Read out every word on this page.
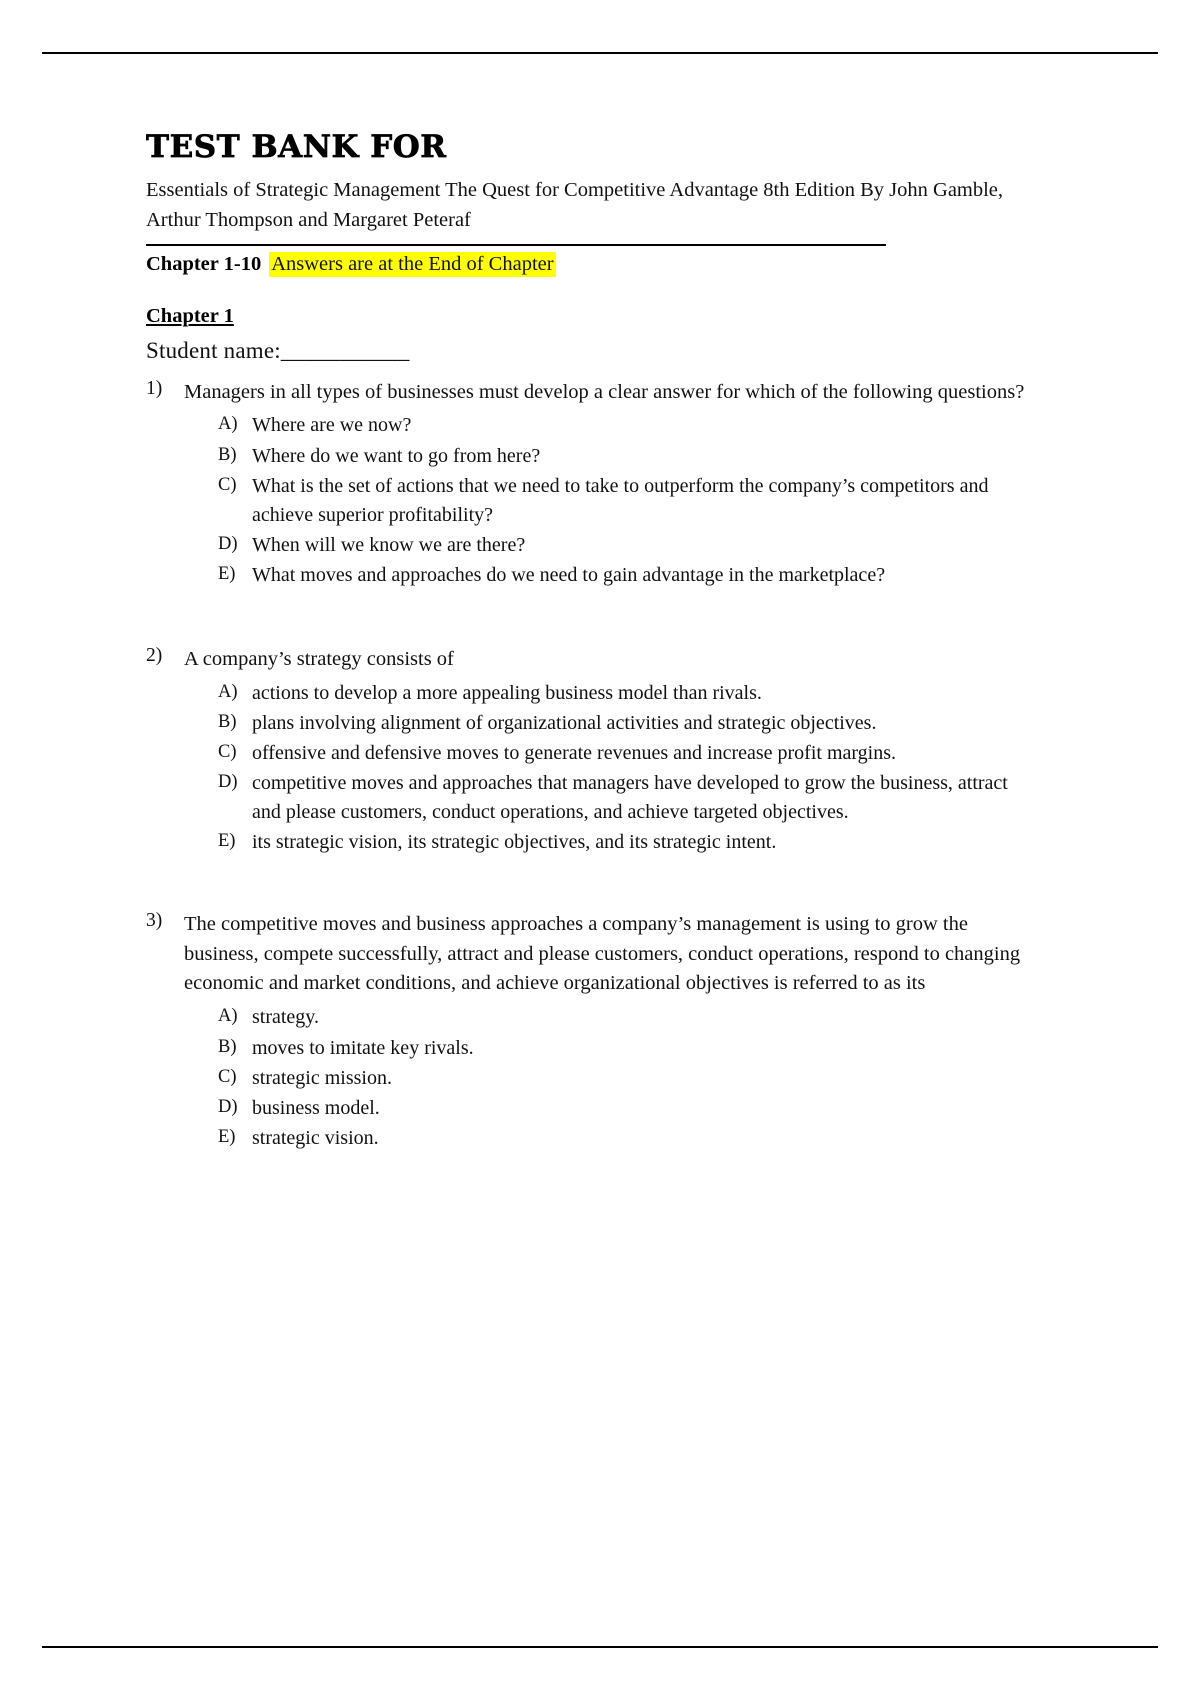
TEST BANK FOR

Essentials of Strategic Management The Quest for Competitive Advantage 8th Edition By John Gamble, Arthur Thompson and Margaret Peteraf

Chapter 1-10 Answers are at the End of Chapter
Chapter 1
Student name:___________
1) Managers in all types of businesses must develop a clear answer for which of the following questions?
A) Where are we now?
B) Where do we want to go from here?
C) What is the set of actions that we need to take to outperform the company’s competitors and achieve superior profitability?
D) When will we know we are there?
E) What moves and approaches do we need to gain advantage in the marketplace?
2) A company’s strategy consists of
A) actions to develop a more appealing business model than rivals.
B) plans involving alignment of organizational activities and strategic objectives.
C) offensive and defensive moves to generate revenues and increase profit margins.
D) competitive moves and approaches that managers have developed to grow the business, attract and please customers, conduct operations, and achieve targeted objectives.
E) its strategic vision, its strategic objectives, and its strategic intent.
3) The competitive moves and business approaches a company’s management is using to grow the business, compete successfully, attract and please customers, conduct operations, respond to changing economic and market conditions, and achieve organizational objectives is referred to as its
A) strategy.
B) moves to imitate key rivals.
C) strategic mission.
D) business model.
E) strategic vision.
